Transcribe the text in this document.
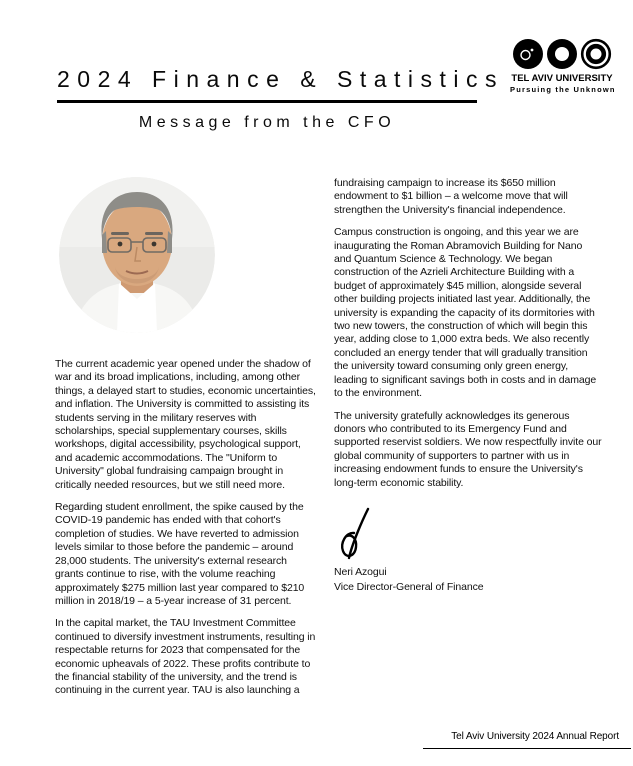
2024 Finance & Statistics
Message from the CFO
TEL AVIV UNIVERSITY
Pursuing the Unknown

The current academic year opened under the shadow of war and its broad implications, including, among other things, a delayed start to studies, economic uncertainties, and inflation. The University is committed to assisting its students serving in the military reserves with scholarships, special supplementary courses, skills workshops, digital accessibility, psychological support, and academic accommodations. The "Uniform to University" global fundraising campaign brought in critically needed resources, but we still need more.

Regarding student enrollment, the spike caused by the COVID-19 pandemic has ended with that cohort's completion of studies. We have reverted to admission levels similar to those before the pandemic – around 28,000 students. The university's external research grants continue to rise, with the volume reaching approximately $275 million last year compared to $210 million in 2018/19 – a 5-year increase of 31 percent.

In the capital market, the TAU Investment Committee continued to diversify investment instruments, resulting in respectable returns for 2023 that compensated for the economic upheavals of 2022. These profits contribute to the financial stability of the university, and the trend is continuing in the current year. TAU is also launching a

fundraising campaign to increase its $650 million endowment to $1 billion – a welcome move that will strengthen the University's financial independence.

Campus construction is ongoing, and this year we are inaugurating the Roman Abramovich Building for Nano and Quantum Science & Technology. We began construction of the Azrieli Architecture Building with a budget of approximately $45 million, alongside several other building projects initiated last year. Additionally, the university is expanding the capacity of its dormitories with two new towers, the construction of which will begin this year, adding close to 1,000 extra beds. We also recently concluded an energy tender that will gradually transition the university toward consuming only green energy, leading to significant savings both in costs and in damage to the environment.

The university gratefully acknowledges its generous donors who contributed to its Emergency Fund and supported reservist soldiers. We now respectfully invite our global community of supporters to partner with us in increasing endowment funds to ensure the University's long-term economic stability.

Neri Azogui
Vice Director-General of Finance
Tel Aviv University 2024 Annual Report
